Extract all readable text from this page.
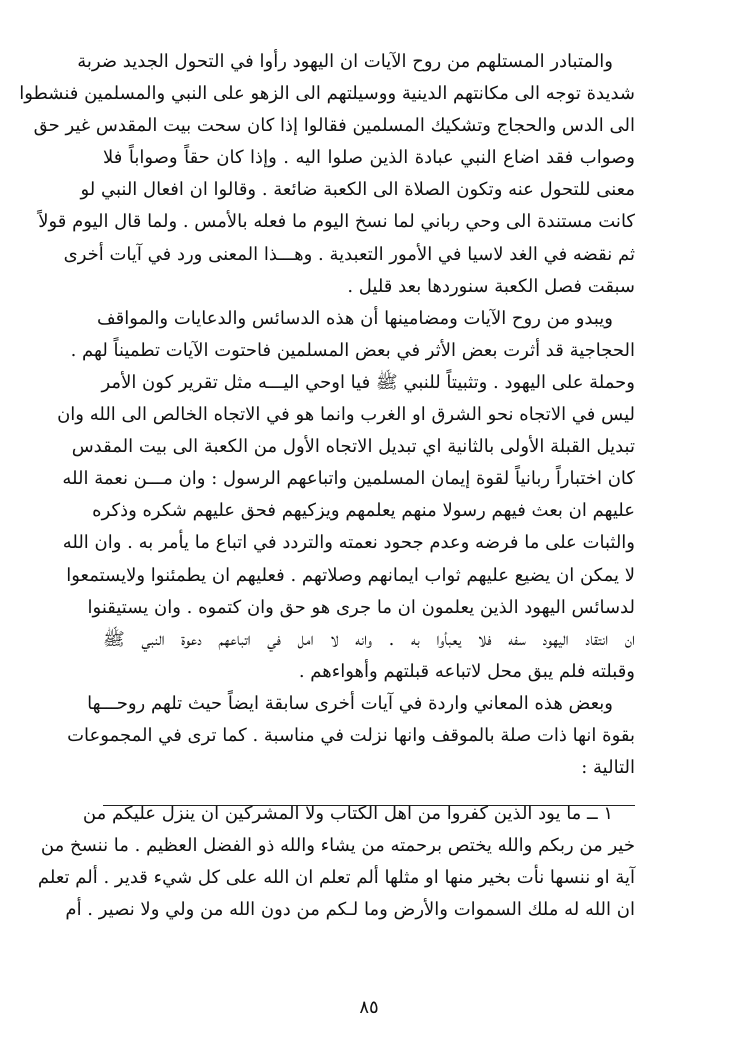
والمتبادر المستلهم من روح الآيات ان اليهود رأوا في التحول الجديد ضربة
شديدة توجه الى مكانتهم الدينية ووسيلتهم الى الزهو على النبي والمسلمين فنشطوا
الى الدس والحجاج وتشكيك المسلمين فقالوا إذا كان سحت بيت المقدس غير حق
وصواب فقد اضاع النبي عبادة الذين صلوا اليه . وإذا كان حقاً وصواباً فلا
معنى للتحول عنه وتكون الصلاة الى الكعبة ضائعة . وقالوا ان افعال النبي لو
كانت مستندة الى وحي رباني لما نسخ اليوم ما فعله بالأمس . ولما قال اليوم قولاً
ثم نقضه في الغد لاسيا في الأمور التعبدية . وهـــذا المعنى ورد في آيات أخرى
سبقت فصل الكعبة سنوردها بعد قليل .
ويبدو من روح الآيات ومضامينها أن هذه الدسائس والدعايات والمواقف
الحجاجية قد أثرت بعض الأثر في بعض المسلمين فاحتوت الآيات تطميناً لهم .
وحملة على اليهود . وتثبيتاً للنبي ﷺ فيا اوحي اليـــه مثل تقرير كون الأمر
ليس في الاتجاه نحو الشرق او الغرب وانما هو في الاتجاه الخالص الى الله وان
تبديل القبلة الأولى بالثانية اي تبديل الاتجاه الأول من الكعبة الى بيت المقدس
كان اختباراً ربانياً لقوة إيمان المسلمين واتباعهم الرسول : وان مـــن نعمة الله
عليهم ان بعث فيهم رسولا منهم يعلمهم ويزكيهم فحق عليهم شكره وذكره
والثبات على ما فرضه وعدم جحود نعمته والتردد في اتباع ما يأمر به . وان الله
لا يمكن ان يضيع عليهم ثواب ايمانهم وصلاتهم . فعليهم ان يطمئنوا ولايستمعوا
لدسائس اليهود الذين يعلمون ان ما جرى هو حق وان كتموه . وان يستيقنوا
ان انتقاد اليهود سفه فلا يعبأوا به . وانه لا امل في اتباعهم دعوة النبي ﷺ
وقبلته فلم يبق محل لاتباعه قبلتهم وأهواءهم .
وبعض هذه المعاني واردة في آيات أخرى سابقة ايضاً حيث تلهم روحـــها
بقوة انها ذات صلة بالموقف وانها نزلت في مناسبة . كما ترى في المجموعات
التالية :
١ ــ ما يود الذين كفروا من اهل الكتاب ولا المشركين ان ينزل عليكم من
خير من ربكم والله يختص برحمته من يشاء والله ذو الفضل العظيم . ما ننسخ من
آية او ننسها نأت بخير منها او مثلها ألم تعلم ان الله على كل شيء قدير . ألم تعلم
ان الله له ملك السموات والأرض وما لـكم من دون الله من ولي ولا نصير . أم
٨٥
